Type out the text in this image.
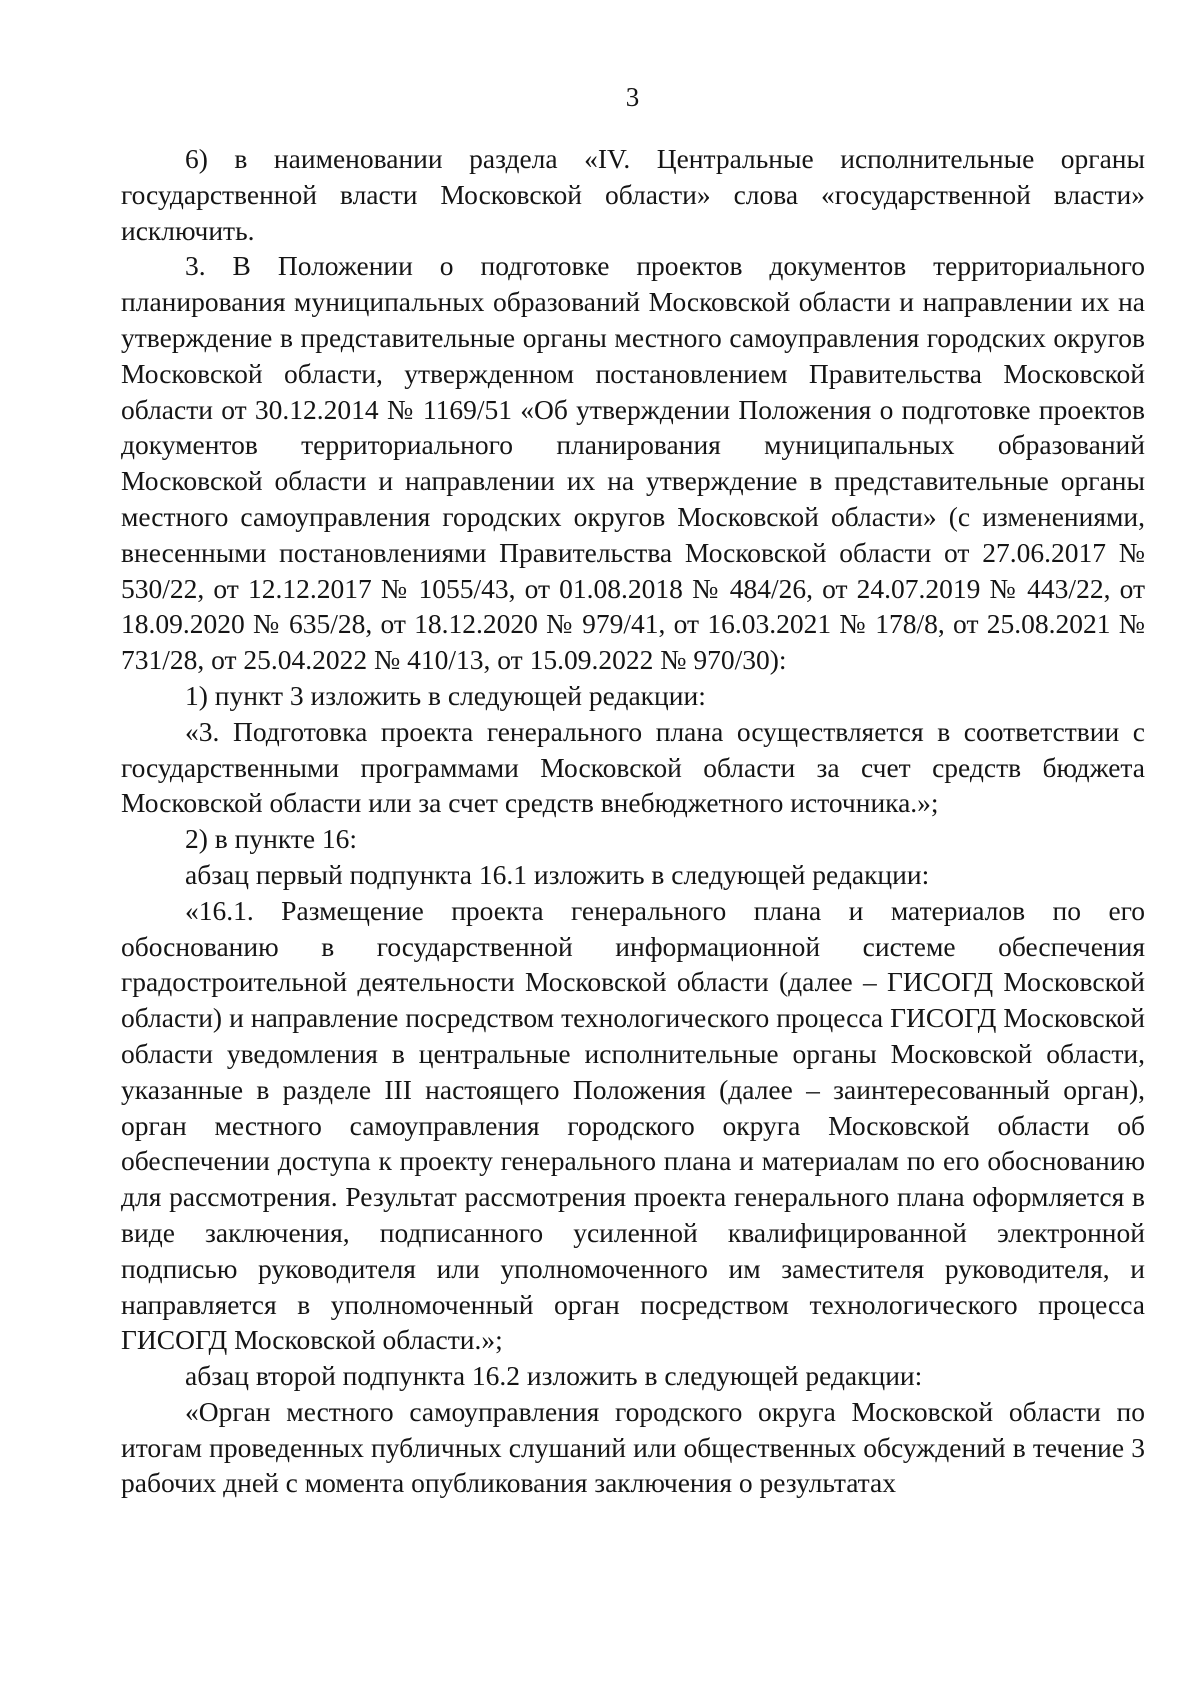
3

6) в наименовании раздела «IV. Центральные исполнительные органы государственной власти Московской области» слова «государственной власти» исключить.

3. В Положении о подготовке проектов документов территориального планирования муниципальных образований Московской области и направлении их на утверждение в представительные органы местного самоуправления городских округов Московской области, утвержденном постановлением Правительства Московской области от 30.12.2014 № 1169/51 «Об утверждении Положения о подготовке проектов документов территориального планирования муниципальных образований Московской области и направлении их на утверждение в представительные органы местного самоуправления городских округов Московской области» (с изменениями, внесенными постановлениями Правительства Московской области от 27.06.2017 № 530/22, от 12.12.2017 № 1055/43, от 01.08.2018 № 484/26, от 24.07.2019 № 443/22, от 18.09.2020 № 635/28, от 18.12.2020 № 979/41, от 16.03.2021 № 178/8, от 25.08.2021 № 731/28, от 25.04.2022 № 410/13, от 15.09.2022 № 970/30):

1) пункт 3 изложить в следующей редакции:

«3. Подготовка проекта генерального плана осуществляется в соответствии с государственными программами Московской области за счет средств бюджета Московской области или за счет средств внебюджетного источника.»;

2) в пункте 16:

абзац первый подпункта 16.1 изложить в следующей редакции:

«16.1. Размещение проекта генерального плана и материалов по его обоснованию в государственной информационной системе обеспечения градостроительной деятельности Московской области (далее – ГИСОГД Московской области) и направление посредством технологического процесса ГИСОГД Московской области уведомления в центральные исполнительные органы Московской области, указанные в разделе III настоящего Положения (далее – заинтересованный орган), орган местного самоуправления городского округа Московской области об обеспечении доступа к проекту генерального плана и материалам по его обоснованию для рассмотрения. Результат рассмотрения проекта генерального плана оформляется в виде заключения, подписанного усиленной квалифицированной электронной подписью руководителя или уполномоченного им заместителя руководителя, и направляется в уполномоченный орган посредством технологического процесса ГИСОГД Московской области.»;

абзац второй подпункта 16.2 изложить в следующей редакции:

«Орган местного самоуправления городского округа Московской области по итогам проведенных публичных слушаний или общественных обсуждений в течение 3 рабочих дней с момента опубликования заключения о результатах
